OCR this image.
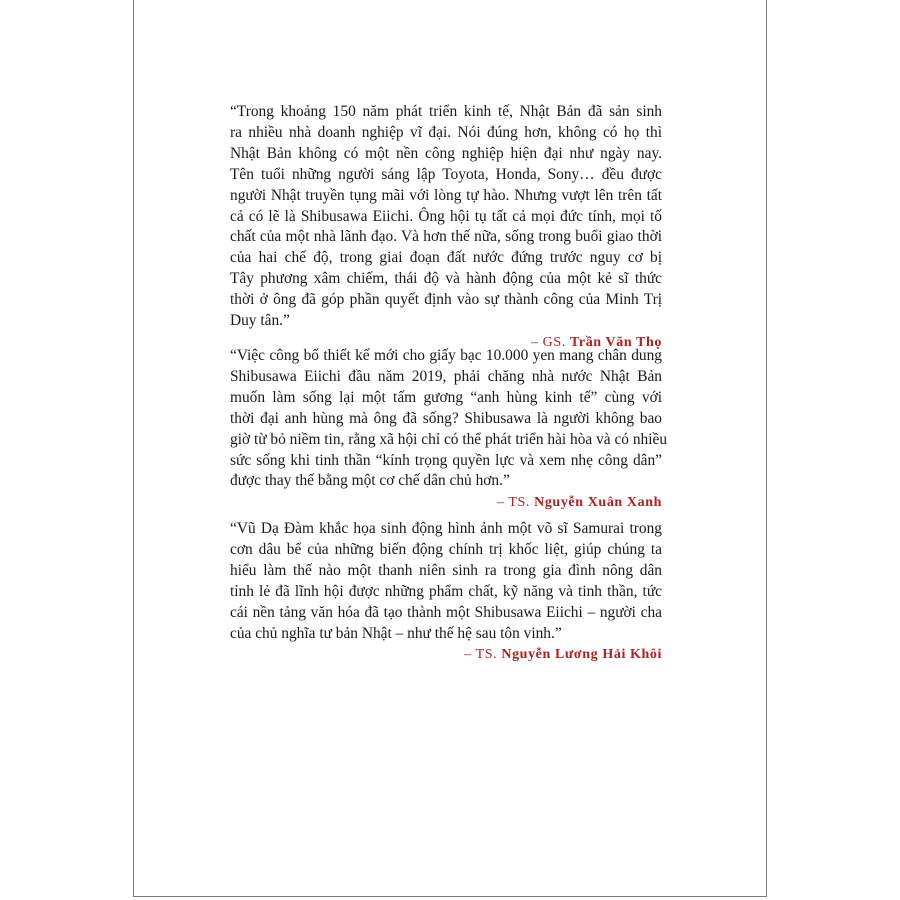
“Trong khoảng 150 năm phát triển kinh tế, Nhật Bản đã sản sinh
ra nhiều nhà doanh nghiệp vĩ đại. Nói đúng hơn, không có họ thì
Nhật Bản không có một nền công nghiệp hiện đại như ngày nay.
Tên tuổi những người sáng lập Toyota, Honda, Sony… đều được
người Nhật truyền tụng mãi với lòng tự hào. Nhưng vượt lên trên tất
cả có lẽ là Shibusawa Eiichi. Ông hội tụ tất cả mọi đức tính, mọi tố
chất của một nhà lãnh đạo. Và hơn thế nữa, sống trong buổi giao thời
của hai chế độ, trong giai đoạn đất nước đứng trước nguy cơ bị
Tây phương xâm chiếm, thái độ và hành động của một kẻ sĩ thức
thời ở ông đã góp phần quyết định vào sự thành công của Minh Trị
Duy tân.”

– GS. Trần Văn Thọ

“Việc công bố thiết kế mới cho giấy bạc 10.000 yen mang chân dung
Shibusawa Eiichi đầu năm 2019, phải chăng nhà nước Nhật Bản
muốn làm sống lại một tấm gương “anh hùng kinh tế” cùng với
thời đại anh hùng mà ông đã sống? Shibusawa là người không bao
giờ từ bỏ niềm tin, rằng xã hội chỉ có thể phát triển hài hòa và có nhiều
sức sống khi tinh thần “kính trọng quyền lực và xem nhẹ công dân”
được thay thế bằng một cơ chế dân chủ hơn.”

– TS. Nguyễn Xuân Xanh

“Vũ Dạ Đàm khắc họa sinh động hình ảnh một võ sĩ Samurai trong
cơn dâu bể của những biến động chính trị khốc liệt, giúp chúng ta
hiểu làm thế nào một thanh niên sinh ra trong gia đình nông dân
tỉnh lẻ đã lĩnh hội được những phẩm chất, kỹ năng và tinh thần, tức
cái nền tảng văn hóa đã tạo thành một Shibusawa Eiichi – người cha
của chủ nghĩa tư bản Nhật – như thế hệ sau tôn vinh.”

– TS. Nguyễn Lương Hải Khôi
